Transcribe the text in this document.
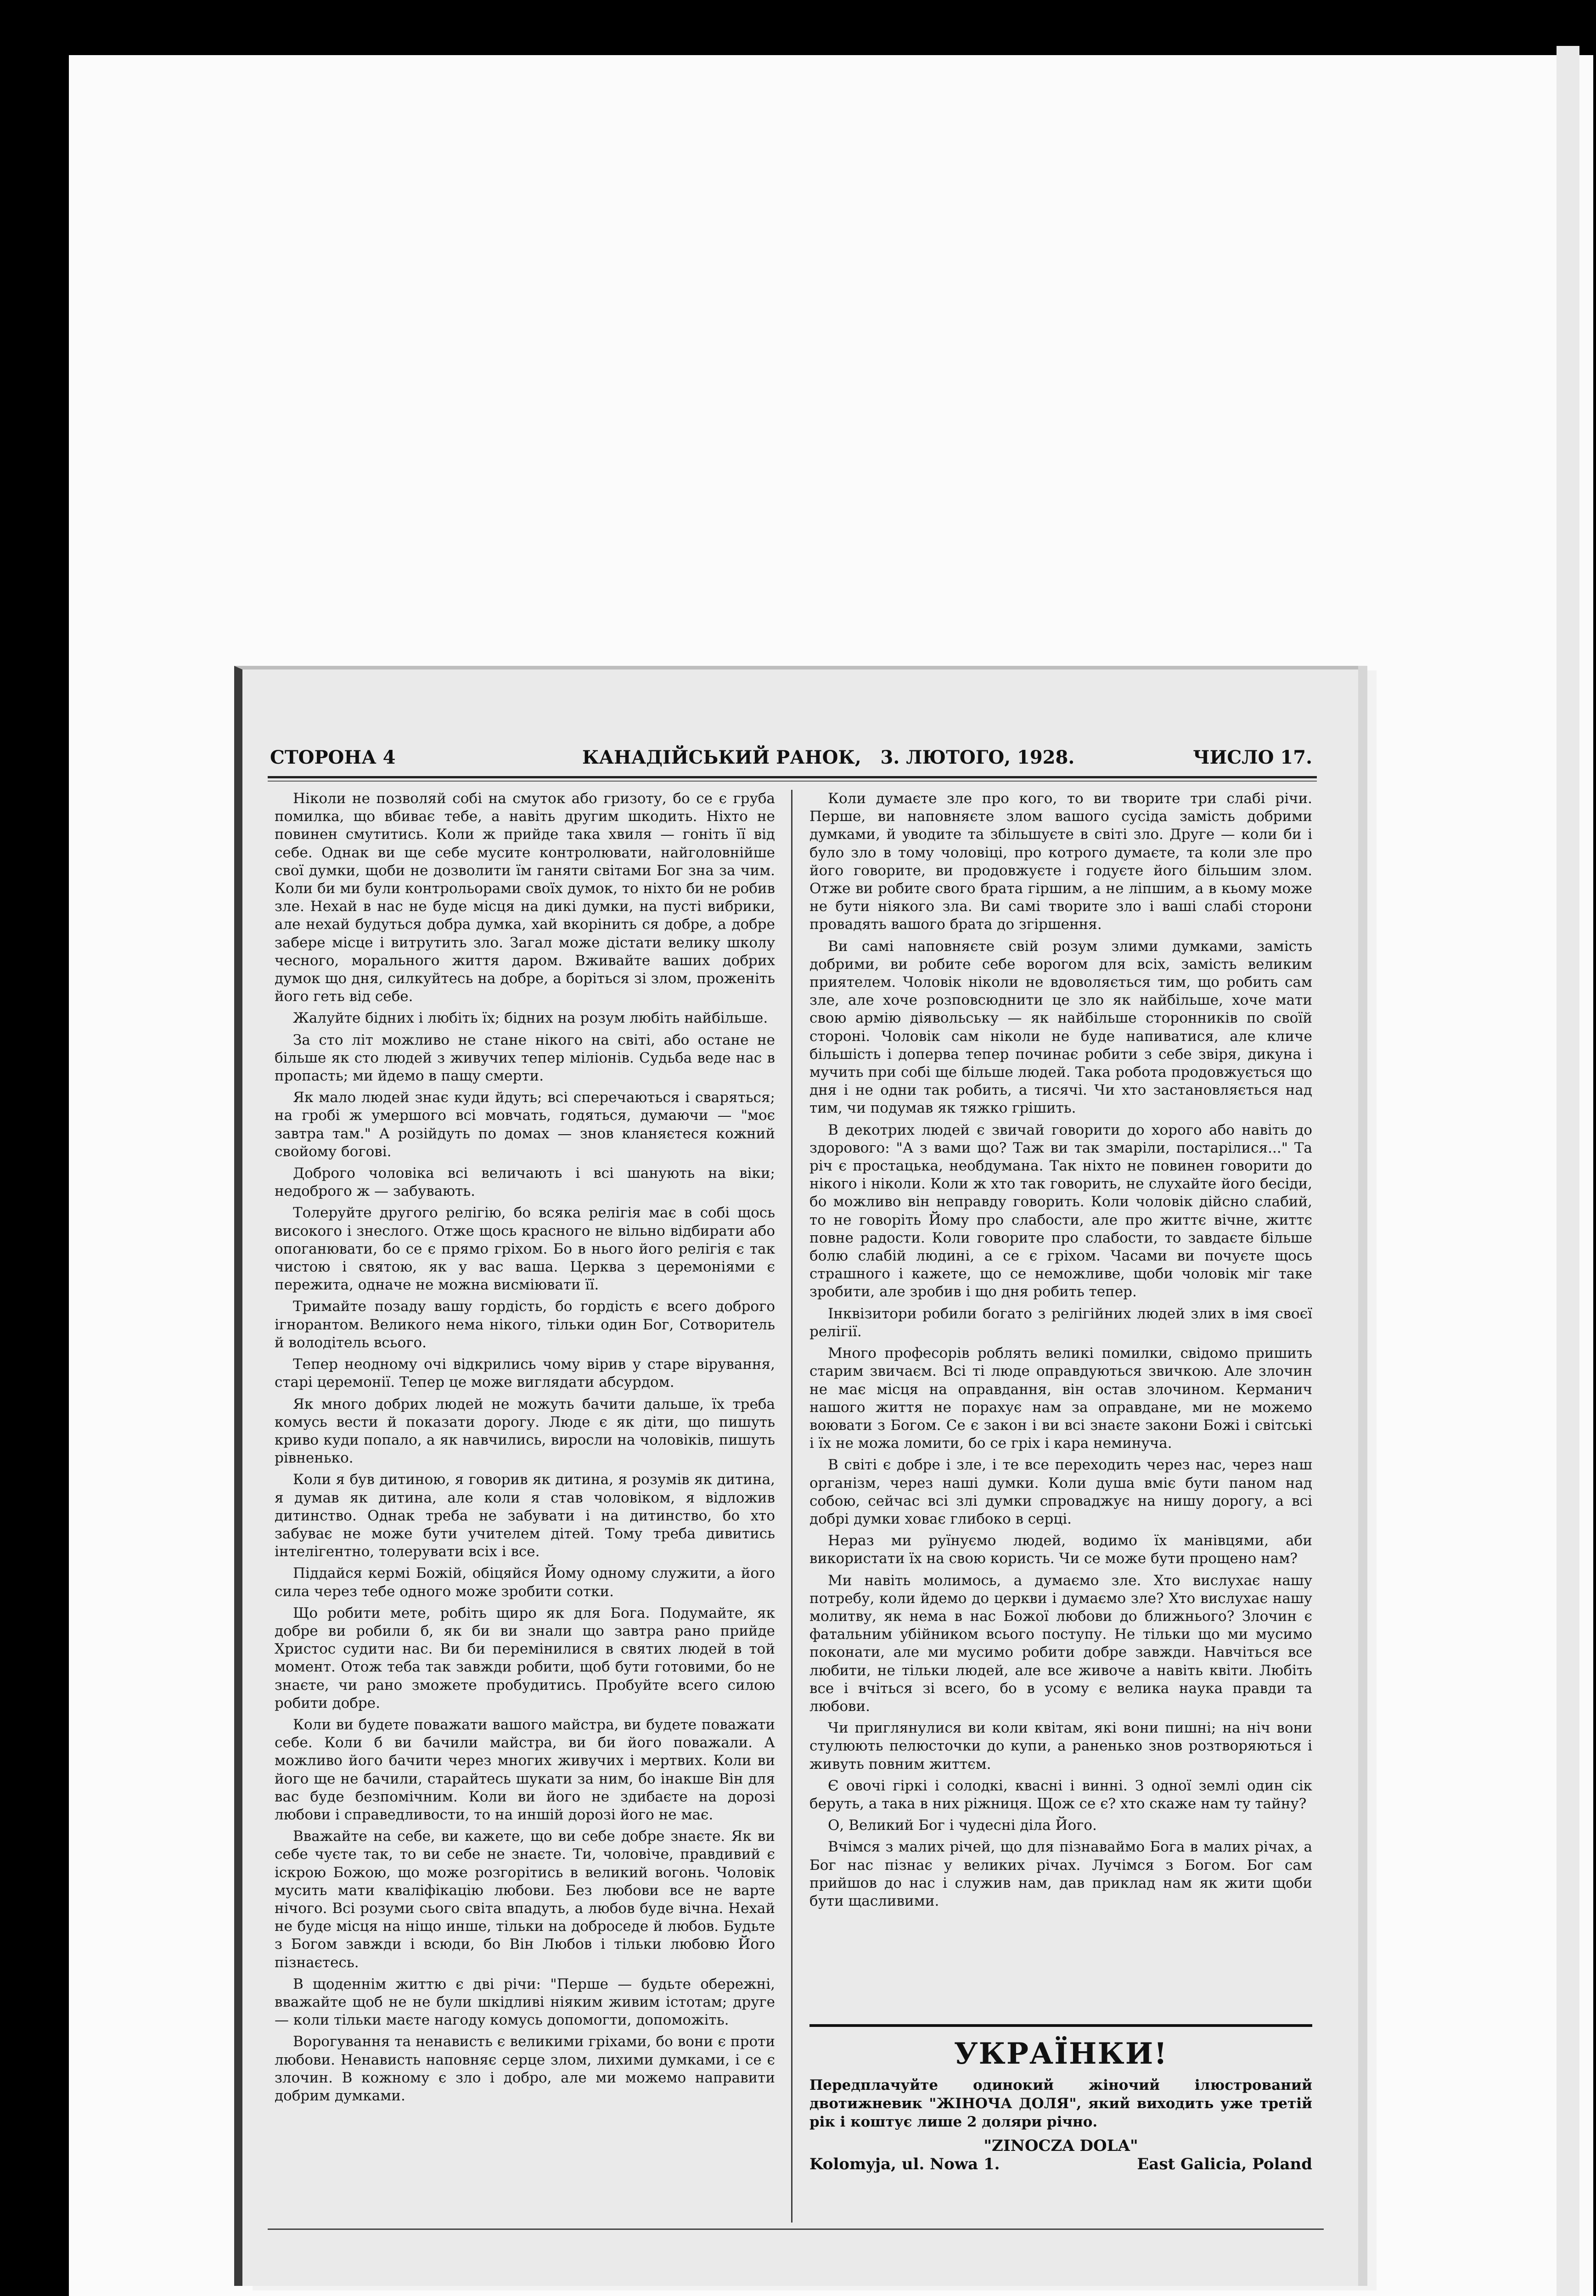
СТОРОНА 4	КАНАДІЙСЬКИЙ РАНОК, 3. ЛЮТОГО, 1928.	ЧИСЛО 17.

Ніколи не позволяй собі на смуток або гризоту, бо се є груба помилка, що вбиває тебе, а навіть другим шкодить. Ніхто не повинен смутитись. Коли ж прийде така хвиля — гоніть її від себе. Однак ви ще себе мусите контролювати, найголовнійше свої думки, щоби не дозволити їм ганяти світами Бог зна за чим. Коли би ми були контрольорами своїх думок, то ніхто би не робив зле. Нехай в нас не буде місця на дикі думки, на пусті вибрики, але нехай будуться добра думка, хай вкорінить ся добре, а добре забере місце і витрутить зло. Загал може дістати велику школу чесного, морального життя даром. Вживайте ваших добрих думок що дня, силкуйтесь на добре, а боріться зі злом, проженіть його геть від себе.

Жалуйте бідних і любіть їх; бідних на розум любіть найбільше.

За сто літ можливо не стане нікого на світі, або остане не більше як сто людей з живучих тепер міліонів. Судьба веде нас в пропасть; ми йдемо в пащу смерти.

Як мало людей знає куди йдуть; всі сперечаються і сваряться; на гробі ж умершого всі мовчать, годяться, думаючи — "моє завтра там." А розійдуть по домах — знов кланяєтеся кожний свойому богові.

Доброго чоловіка всі величають і всі шанують на віки; недоброго ж — забувають.

Толеруйте другого релігію, бо всяка релігія має в собі щось високого і знеслого. Отже щось красного не вільно відбирати або опоганювати, бо се є прямо гріхом. Бо в нього його релігія є так чистою і святою, як у вас ваша. Церква з церемоніями є пережита, одначе не можна висміювати її.

Тримайте позаду вашу гордість, бо гордість є всего доброго ігнорантом. Великого нема нікого, тільки один Бог, Сотворитель й володітель всього.

Тепер неодному очі відкрились чому вірив у старе вірування, старі церемонії. Тепер це може виглядати абсурдом.

Як много добрих людей не можуть бачити дальше, їх треба комусь вести й показати дорогу. Люде є як діти, що пишуть криво куди попало, а як навчились, виросли на чоловіків, пишуть рівненько.

Коли я був дитиною, я говорив як дитина, я розумів як дитина, я думав як дитина, але коли я став чоловіком, я відложив дитинство. Однак треба не забувати і на дитинство, бо хто забуває не може бути учителем дітей. Тому треба дивитись інтелігентно, толерувати всіх і все.

Піддайся кермі Божій, обіцяйся Йому одному служити, а його сила через тебе одного може зробити сотки.

Що робити мете, робіть щиро як для Бога. Подумайте, як добре ви робили б, як би ви знали що завтра рано прийде Христос судити нас. Ви би перемінилися в святих людей в той момент. Отож теба так завжди робити, щоб бути готовими, бо не знаєте, чи рано зможете пробудитись. Пробуйте всего силою робити добре.

Коли ви будете поважати вашого майстра, ви будете поважати себе. Коли б ви бачили майстра, ви би його поважали. А можливо його бачити через многих живучих і мертвих. Коли ви його ще не бачили, старайтесь шукати за ним, бо інакше Він для вас буде безпомічним. Коли ви його не здибаєте на дорозі любови і справедливости, то на иншій дорозі його не має.

Вважайте на себе, ви кажете, що ви себе добре знаєте. Як ви себе чуєте так, то ви себе не знаєте. Ти, чоловіче, правдивий є іскрою Божою, що може розгорітись в великий вогонь. Чоловік мусить мати кваліфікацію любови. Без любови все не варте нічого. Всі розуми сього світа впадуть, а любов буде вічна. Нехай не буде місця на ніщо инше, тільки на доброседе й любов. Будьте з Богом завжди і всюди, бо Він Любов і тільки любовю Його пізнаєтесь.

В щоденнім життю є дві річи: "Перше — будьте обережні, вважайте щоб не не були шкідливі ніяким живим істотам; друге — коли тільки маєте нагоду комусь допомогти, допоможіть.

Ворогування та ненависть є великими гріхами, бо вони є проти любови. Ненависть наповняє серце злом, лихими думками, і се є злочин. В кожному є зло і добро, але ми можемо направити добрим думками.

Коли думаєте зле про кого, то ви творите три слабі річи. Перше, ви наповняєте злом вашого сусіда замість добрими думками, й уводите та збільшуєте в світі зло. Друге — коли би і було зло в тому чоловіці, про котрого думаєте, та коли зле про його говорите, ви продовжуєте і годуєте його більшим злом. Отже ви робите свого брата гіршим, а не ліпшим, а в кьому може не бути ніякого зла. Ви самі творите зло і ваші слабі сторони провадять вашого брата до згіршення.

Ви самі наповняєте свій розум злими думками, замість добрими, ви робите себе ворогом для всіх, замість великим приятелем. Чоловік ніколи не вдоволяється тим, що робить сам зле, але хоче розповсюднити це зло як найбільше, хоче мати свою армію діявольську — як найбільше сторонників по своїй стороні. Чоловік сам ніколи не буде напиватися, але кличе більшість і доперва тепер починає робити з себе звіря, дикуна і мучить при собі ще більше людей. Така робота продовжується що дня і не одни так робить, а тисячі. Чи хто застановляється над тим, чи подумав як тяжко грішить.

В декотрих людей є звичай говорити до хорого або навіть до здорового: "А з вами що? Таж ви так змаріли, постарілися..." Та річ є простацька, необдумана. Так ніхто не повинен говорити до нікого і ніколи. Коли ж хто так говорить, не слухайте його бесіди, бо можливо він неправду говорить. Коли чоловік дійсно слабий, то не говоріть Йому про слабости, але про життє вічне, життє повне радости. Коли говорите про слабости, то завдаєте більше болю слабій людині, а се є гріхом. Часами ви почуєте щось страшного і кажете, що се неможливе, щоби чоловік міг таке зробити, але зробив і що дня робить тепер.

Інквізитори робили богато з релігійних людей злих в імя своєї релігії.

Много професорів роблять великі помилки, свідомо пришить старим звичаєм. Всі ті люде оправдуються звичкою. Але злочин не має місця на оправдання, він остав злочином. Керманич нашого життя не порахує нам за оправдане, ми не можемо воювати з Богом. Се є закон і ви всі знаєте закони Божі і світські і їх не можа ломити, бо се гріх і кара неминуча.

В світі є добре і зле, і те все переходить через нас, через наш організм, через наші думки. Коли душа вміє бути паном над собою, сейчас всі злі думки спроваджує на нишу дорогу, а всі добрі думки ховає глибоко в серці.

Нераз ми руїнуємо людей, водимо їх манівцями, аби використати їх на свою користь. Чи се може бути прощено нам?

Ми навіть молимось, а думаємо зле. Хто вислухає нашу потребу, коли йдемо до церкви і думаємо зле? Хто вислухає нашу молитву, як нема в нас Божої любови до ближнього? Злочин є фатальним убійником всього поступу. Не тільки що ми мусимо поконати, але ми мусимо робити добре завжди. Навчіться все любити, не тільки людей, але все живоче а навіть квіти. Любіть все і вчіться зі всего, бо в усому є велика наука правди та любови.

Чи приглянулися ви коли квітам, які вони пишні; на ніч вони стулюють пелюсточки до купи, а раненько знов розтворяються і живуть повним життєм.

Є овочі гіркі і солодкі, квасні і винні. З одної землі один сік беруть, а така в них ріжниця. Щож се є? хто скаже нам ту тайну?

О, Великий Бог і чудесні діла Його.

Вчімся з малих річей, що для пізнаваймо Бога в малих річах, а Бог нас пізнає у великих річах. Лучімся з Богом. Бог сам прийшов до нас і служив нам, дав приклад нам як жити щоби бути щасливими.

УКРАЇНКИ!
Передплачуйте одинокий жіночий ілюстрований двотижневик "ЖІНОЧА ДОЛЯ", який виходить уже третій рік і коштує лише 2 доляри річно.
"ZINOCZA DOLA"
Kolomyja, ul. Nowa 1.	East Galicia, Poland
